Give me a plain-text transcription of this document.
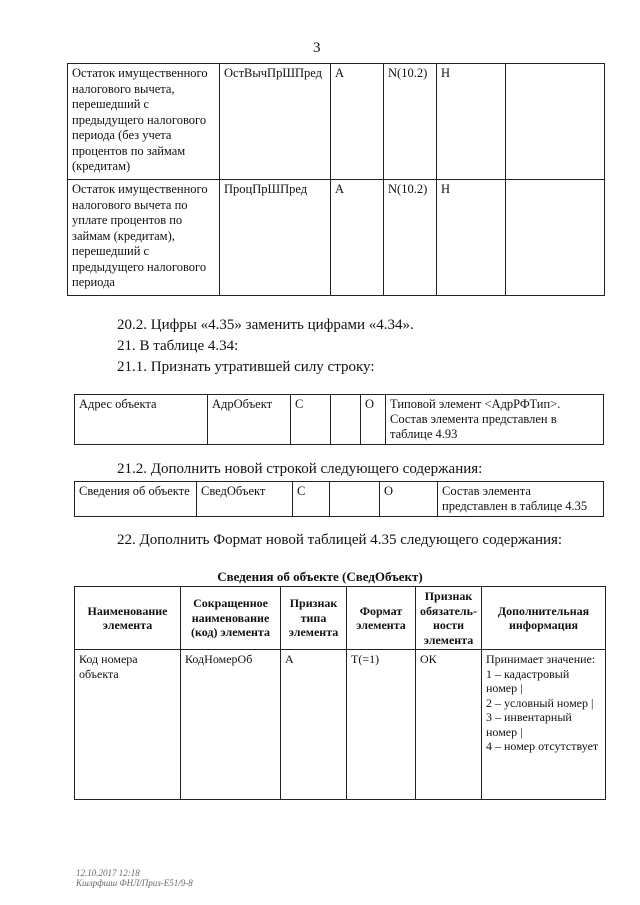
3
Остаток имущественного налогового вычета, перешедший с предыдущего налогового периода (без учета процентов по займам (кредитам)	ОстВычПрШПред	А	N(10.2)	Н	
Остаток имущественного налогового вычета по уплате процентов по займам (кредитам), перешедший с предыдущего налогового периода	ПроцПрШПред	А	N(10.2)	Н	
20.2. Цифры «4.35» заменить цифрами «4.34».
21. В таблице 4.34:
21.1. Признать утратившей силу строку:
Адрес объекта	АдрОбъект	С		О	Типовой элемент <АдрРФТип>. Состав элемента представлен в таблице 4.93
21.2. Дополнить новой строкой следующего содержания:
Сведения об объекте	СведОбъект	С		О	Состав элемента представлен в таблице 4.35
22. Дополнить Формат новой таблицей 4.35 следующего содержания:
Сведения об объекте (СведОбъект)
Наименование элемента	Сокращенное наименование (код) элемента	Признак типа элемента	Формат элемента	Признак обязатель-ности элемента	Дополнительная информация
Код номера объекта	КодНомерОб	А	T(=1)	ОК	Принимает значение:
1 – кадастровый номер |
2 – условный номер |
3 – инвентарный номер |
4 – номер отсутствует
12.10.2017 12:18
Кшлрфшш ФНЛ/Приз-Е51/9-8
